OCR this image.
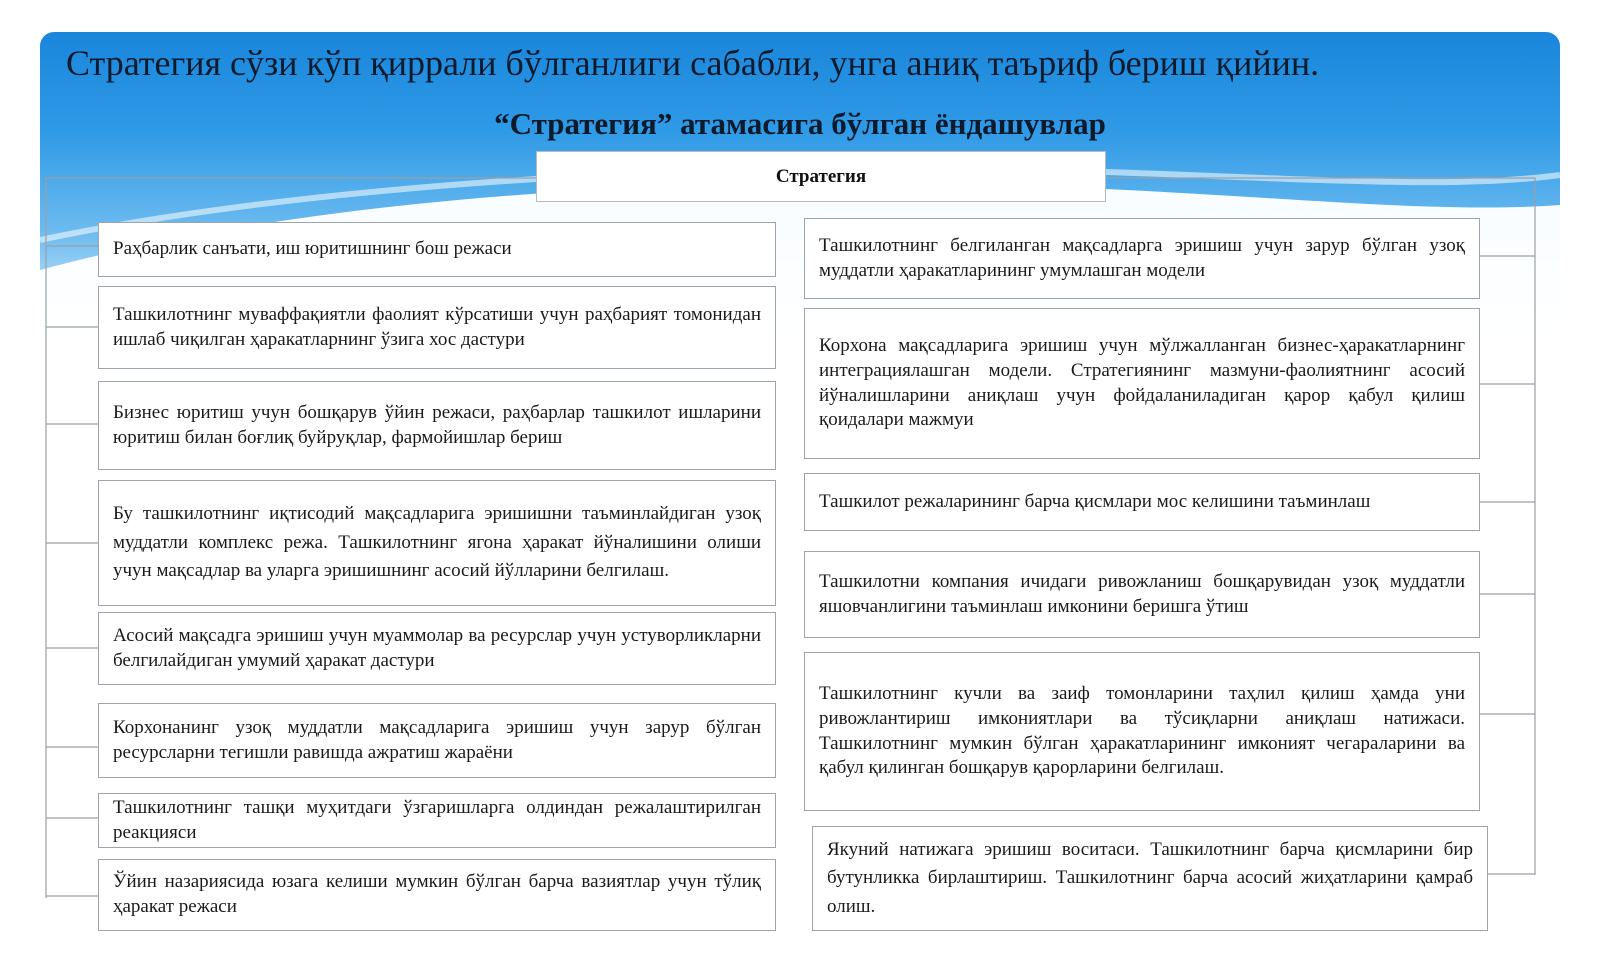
Стратегия сўзи кўп қиррали бўлганлиги сабабли, унга аниқ таъриф бериш қийин.
“Стратегия” атамасига бўлган ёндашувлар
Стратегия
Раҳбарлик санъати, иш юритишнинг бош режаси
Ташкилотнинг муваффақиятли фаолият кўрсатиши учун раҳбарият томонидан ишлаб чиқилган ҳаракатларнинг ўзига хос дастури
Бизнес юритиш учун бошқарув ўйин режаси, раҳбарлар ташкилот ишларини юритиш билан боғлиқ буйруқлар, фармойишлар бериш
Бу ташкилотнинг иқтисодий мақсадларига эришишни таъминлайдиган узоқ муддатли комплекс режа. Ташкилотнинг ягона ҳаракат йўналишини олиши учун мақсадлар ва уларга эришишнинг асосий йўлларини белгилаш.
Асосий мақсадга эришиш учун муаммолар ва ресурслар учун устуворликларни белгилайдиган умумий ҳаракат дастури
Корхонанинг узоқ муддатли мақсадларига эришиш учун зарур бўлган ресурсларни тегишли равишда ажратиш жараёни
Ташкилотнинг ташқи муҳитдаги ўзгаришларга олдиндан режалаштирилган реакцияси
Ўйин назариясида юзага келиши мумкин бўлган барча вазиятлар учун тўлиқ ҳаракат режаси
Ташкилотнинг белгиланган мақсадларга эришиш учун зарур бўлган узоқ муддатли ҳаракатларининг умумлашган модели
Корхона мақсадларига эришиш учун мўлжалланган бизнес-ҳаракатларнинг интеграциялашган модели. Стратегиянинг мазмуни-фаолиятнинг асосий йўналишларини аниқлаш учун фойдаланиладиган қарор қабул қилиш қоидалари мажмуи
Ташкилот режаларининг барча қисмлари мос келишини таъминлаш
Ташкилотни компания ичидаги ривожланиш бошқарувидан узоқ муддатли яшовчанлигини таъминлаш имконини беришга ўтиш
Ташкилотнинг кучли ва заиф томонларини таҳлил қилиш ҳамда уни ривожлантириш имкониятлари ва тўсиқларни аниқлаш натижаси. Ташкилотнинг мумкин бўлган ҳаракатларининг имконият чегараларини ва қабул қилинган бошқарув қарорларини белгилаш.
Якуний натижага эришиш воситаси. Ташкилотнинг барча қисмларини бир бутунликка бирлаштириш. Ташкилотнинг барча асосий жиҳатларини қамраб олиш.
